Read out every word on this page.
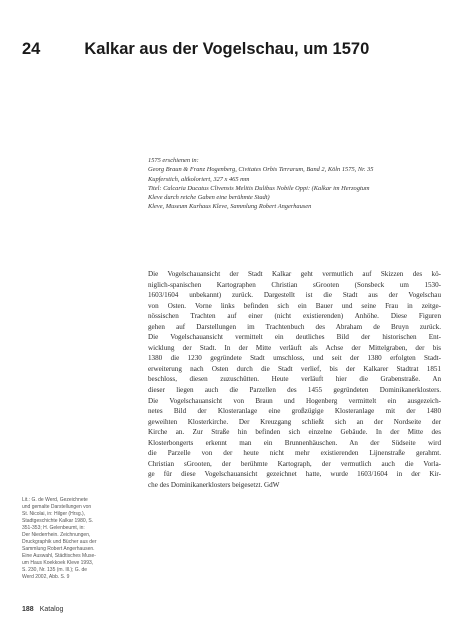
24	Kalkar aus der Vogelschau, um 1570
1575 erschienen in:
Georg Braun & Franz Hogenberg, Civitates Orbis Terrarum, Band 2, Köln 1575, Nr. 35
Kupferstich, altkoloriert, 327 x 465 mm
Titel: Calcaria Ducatus Clivensis Melitis Dulibus Nobile Oppi: (Kalkar im Herzogtum
Kleve durch reiche Gaben eine berühmte Stadt)
Kleve, Museum Kurhaus Kleve, Sammlung Robert Angerhausen
Die Vogelschauansicht der Stadt Kalkar geht vermutlich auf Skizzen des kö-
niglich-spanischen Kartographen Christian sGrooten (Sonsbeck um 1530-
1603/1604 unbekannt) zurück. Dargestellt ist die Stadt aus der Vogelschau
von Osten. Vorne links befinden sich ein Bauer und seine Frau in zeitge-
nössischen Trachten auf einer (nicht existierenden) Anhöhe. Diese Figuren
gehen auf Darstellungen im Trachtenbuch des Abraham de Bruyn zurück.
Die Vogelschauansicht vermittelt ein deutliches Bild der historischen Ent-
wicklung der Stadt. In der Mitte verläuft als Achse der Mittelgraben, der bis
1380 die 1230 gegründete Stadt umschloss, und seit der 1380 erfolgten Stadt-
erweiterung nach Osten durch die Stadt verlief, bis der Kalkarer Stadtrat 1851
beschloss, diesen zuzuschütten. Heute verläuft hier die Grabenstraße. An
dieser liegen auch die Parzellen des 1455 gegründeten Dominikanerklosters.
Die Vogelschauansicht von Braun und Hogenberg vermittelt ein ausgezeich-
netes Bild der Klosteranlage eine großzügige Klosteranlage mit der 1480
geweihten Klosterkirche. Der Kreuzgang schließt sich an der Nordseite der
Kirche an. Zur Straße hin befinden sich einzelne Gebäude. In der Mitte des
Klosterbongerts erkennt man ein Brunnenhäuschen. An der Südseite wird
die Parzelle von der heute nicht mehr existierenden Lijnenstraße gerahmt.
Christian sGrooten, der berühmte Kartograph, der vermutlich auch die Vorla-
ge für diese Vogelschauansicht gezeichnet hatte, wurde 1603/1604 in der Kir-
che des Dominikanerklosters beigesetzt. GdW
Lit.: G. de Werd, Gezeichnete
und gemalte Darstellungen von
St. Nicolai, in: Hilger (Hrsg.),
Stadtgeschichte Kalkar 1980, S.
351-353; H. Gelenbeumt, in:
Der Niederrhein. Zeichnungen,
Druckgraphik und Bücher aus der
Sammlung Robert Angerhausen.
Eine Auswahl, Städtisches Muse-
um Haus Koekkoek Kleve 1993,
S. 230, Nr. 135 (m. Ill.); G. de
Werd 2002, Abb. S. 9
188 Katalog
